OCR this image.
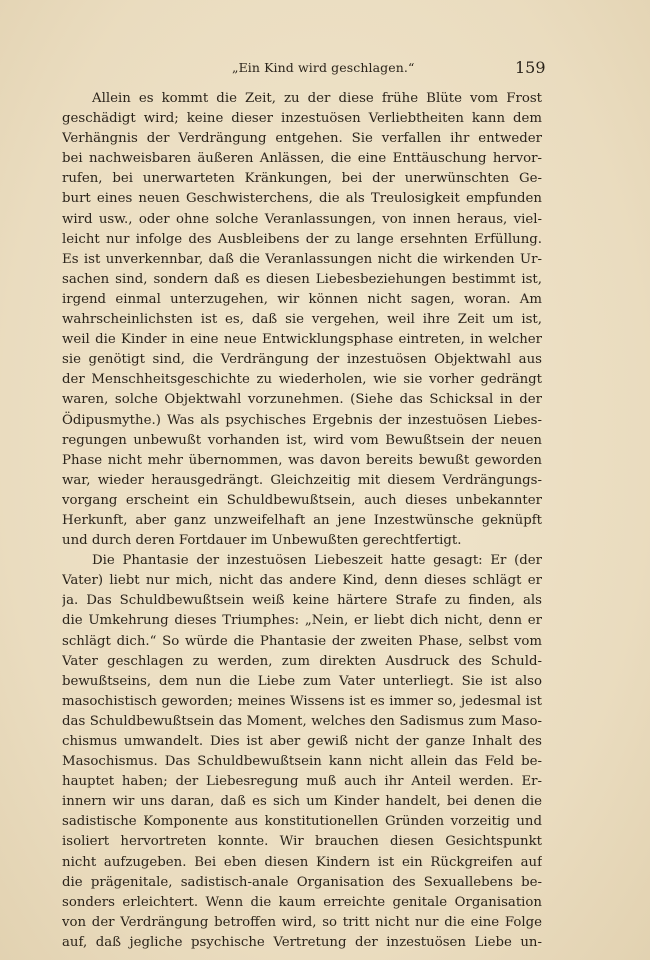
„Ein Kind wird geschlagen.“	159
Allein es kommt die Zeit, zu der diese frühe Blüte vom Frost
geschädigt wird; keine dieser inzestuösen Verliebtheiten kann dem
Verhängnis der Verdrängung entgehen. Sie verfallen ihr entweder
bei nachweisbaren äußeren Anlässen, die eine Enttäuschung hervor-
rufen, bei unerwarteten Kränkungen, bei der unerwünschten Ge-
burt eines neuen Geschwisterchens, die als Treulosigkeit empfunden
wird usw., oder ohne solche Veranlassungen, von innen heraus, viel-
leicht nur infolge des Ausbleibens der zu lange ersehnten Erfüllung.
Es ist unverkennbar, daß die Veranlassungen nicht die wirkenden Ur-
sachen sind, sondern daß es diesen Liebesbeziehungen bestimmt ist,
irgend einmal unterzugehen, wir können nicht sagen, woran. Am
wahrscheinlichsten ist es, daß sie vergehen, weil ihre Zeit um ist,
weil die Kinder in eine neue Entwicklungsphase eintreten, in welcher
sie genötigt sind, die Verdrängung der inzestuösen Objektwahl aus
der Menschheitsgeschichte zu wiederholen, wie sie vorher gedrängt
waren, solche Objektwahl vorzunehmen. (Siehe das Schicksal in der
Ödipusmythe.) Was als psychisches Ergebnis der inzestuösen Liebes-
regungen unbewußt vorhanden ist, wird vom Bewußtsein der neuen
Phase nicht mehr übernommen, was davon bereits bewußt geworden
war, wieder herausgedrängt. Gleichzeitig mit diesem Verdrängungs-
vorgang erscheint ein Schuldbewußtsein, auch dieses unbekannter
Herkunft, aber ganz unzweifelhaft an jene Inzestwünsche geknüpft
und durch deren Fortdauer im Unbewußten gerechtfertigt.
Die Phantasie der inzestuösen Liebeszeit hatte gesagt: Er (der
Vater) liebt nur mich, nicht das andere Kind, denn dieses schlägt er
ja. Das Schuldbewußtsein weiß keine härtere Strafe zu finden, als
die Umkehrung dieses Triumphes: „Nein, er liebt dich nicht, denn er
schlägt dich.“ So würde die Phantasie der zweiten Phase, selbst vom
Vater geschlagen zu werden, zum direkten Ausdruck des Schuld-
bewußtseins, dem nun die Liebe zum Vater unterliegt. Sie ist also
masochistisch geworden; meines Wissens ist es immer so, jedesmal ist
das Schuldbewußtsein das Moment, welches den Sadismus zum Maso-
chismus umwandelt. Dies ist aber gewiß nicht der ganze Inhalt des
Masochismus. Das Schuldbewußtsein kann nicht allein das Feld be-
hauptet haben; der Liebesregung muß auch ihr Anteil werden. Er-
innern wir uns daran, daß es sich um Kinder handelt, bei denen die
sadistische Komponente aus konstitutionellen Gründen vorzeitig und
isoliert hervortreten konnte. Wir brauchen diesen Gesichtspunkt
nicht aufzugeben. Bei eben diesen Kindern ist ein Rückgreifen auf
die prägenitale, sadistisch-anale Organisation des Sexuallebens be-
sonders erleichtert. Wenn die kaum erreichte genitale Organisation
von der Verdrängung betroffen wird, so tritt nicht nur die eine Folge
auf, daß jegliche psychische Vertretung der inzestuösen Liebe un-
